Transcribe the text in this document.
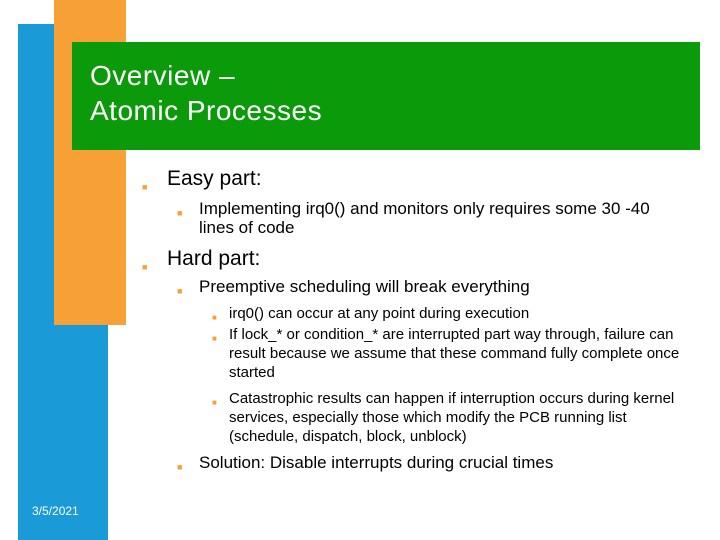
Overview –
Atomic Processes
■ Easy part:
■ Implementing irq0() and monitors only requires some 30 -40 lines of code
■ Hard part:
■ Preemptive scheduling will break everything
■ irq0() can occur at any point during execution
■ If lock_* or condition_* are interrupted part way through, failure can result because we assume that these command fully complete once started
■ Catastrophic results can happen if interruption occurs during kernel services, especially those which modify the PCB running list (schedule, dispatch, block, unblock)
■ Solution: Disable interrupts during crucial times
3/5/2021
